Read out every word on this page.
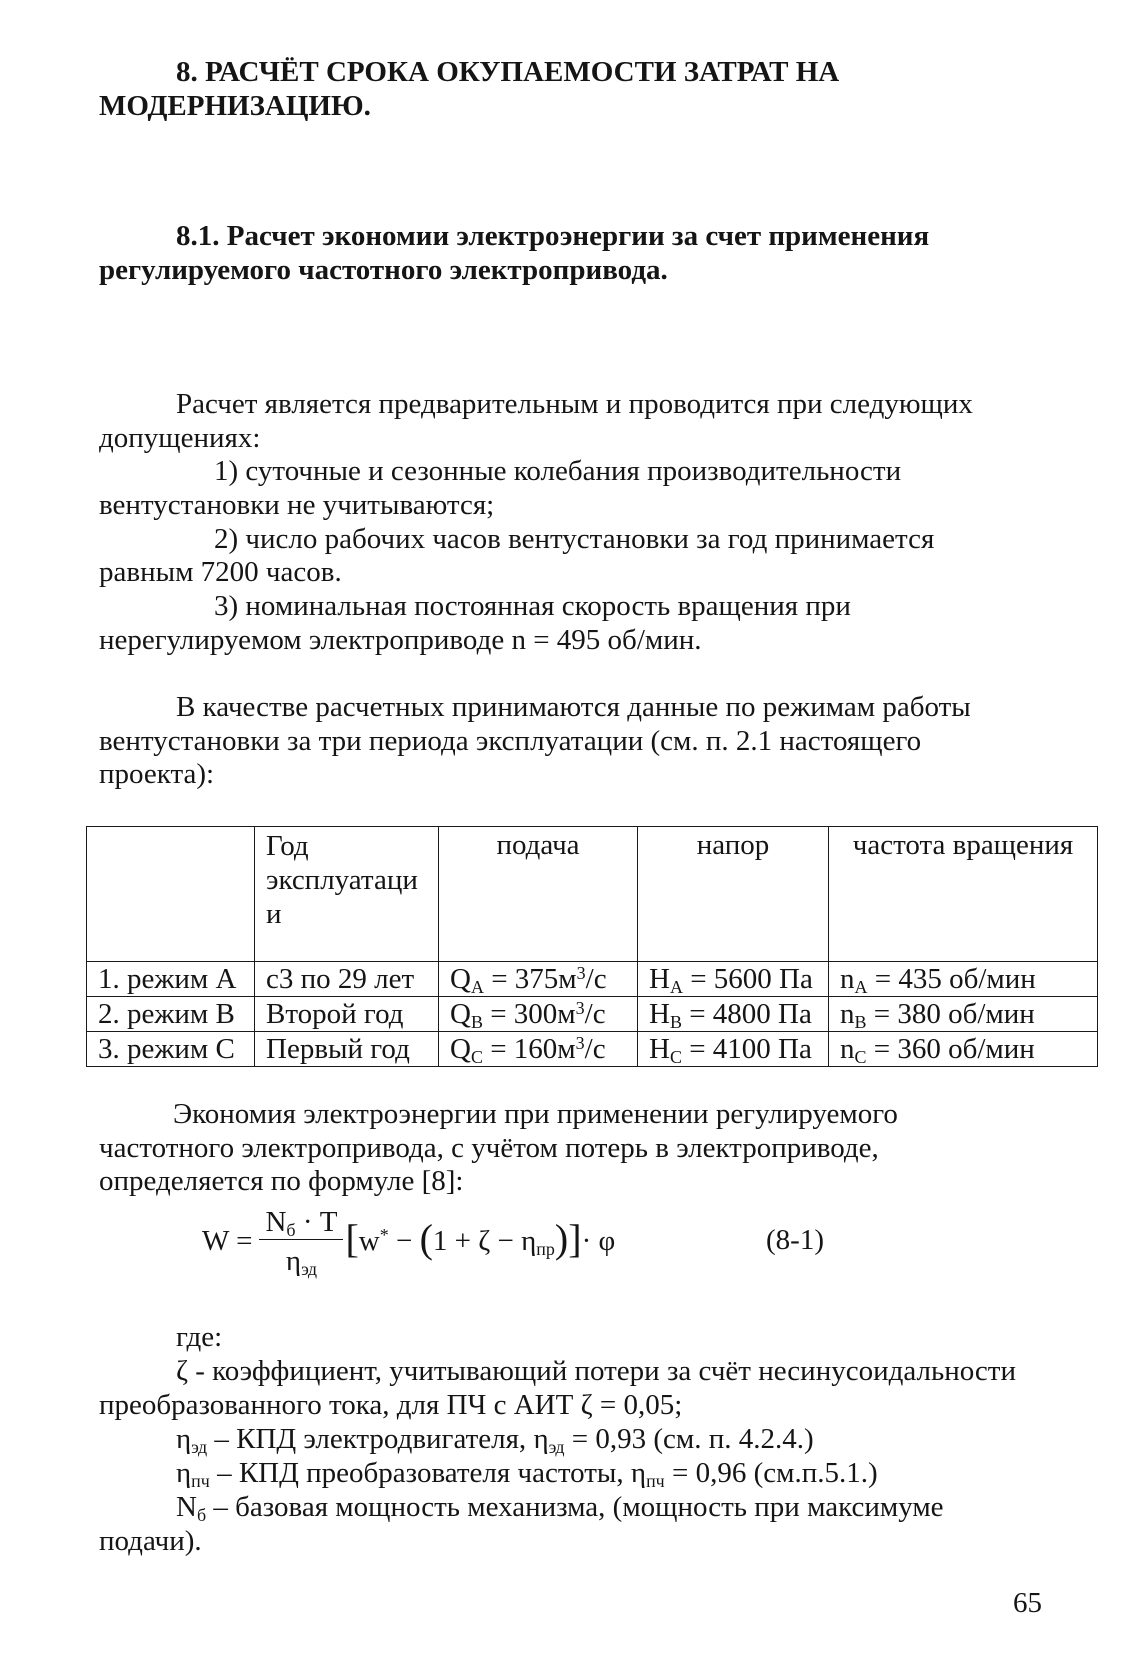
8. РАСЧЁТ СРОКА ОКУПАЕМОСТИ ЗАТРАТ НА
МОДЕРНИЗАЦИЮ.
8.1. Расчет экономии электроэнергии за счет применения
регулируемого частотного электропривода.
Расчет является предварительным и проводится при следующих
допущениях:
1) суточные и сезонные колебания производительности
вентустановки не учитываются;
2) число рабочих часов вентустановки за год принимается
равным 7200 часов.
3) номинальная постоянная скорость вращения при
нерегулируемом электроприводе n = 495 об/мин.
В качестве расчетных принимаются данные по режимам работы
вентустановки за три периода эксплуатации (см. п. 2.1 настоящего
проекта):

	Год
эксплуатаци
и	подача	напор	частота вращения
1. режим А	с3 по 29 лет	$Q_A = 375м^3/с$	$H_A = 5600$ Па	$n_A = 435$ об/мин
2. режим В	Второй год	$Q_B = 300м^3/с$	$H_B = 4800$ Па	$n_B = 380$ об/мин
3. режим С	Первый год	$Q_C = 160м^3/с$	$H_C = 4100$ Па	$n_C = 360$ об/мин
Экономия электроэнергии при применении регулируемого
частотного электропривода, с учётом потерь в электроприводе,
определяется по формуле [8]:
$W = \frac{N_б \cdot T}{\eta_{эд}} [w^* - (1 + \zeta - \eta_{пр})]\cdot \varphi$	(8-1)
где:
ζ - коэффициент, учитывающий потери за счёт несинусоидальности
преобразованного тока, для ПЧ с АИТ ζ = 0,05;
$\eta_{эд}$ – КПД электродвигателя, $\eta_{эд} = 0,93$ (см. п. 4.2.4.)
$\eta_{пч}$ – КПД преобразователя частоты, $\eta_{пч} = 0,96$ (см.п.5.1.)
$N_б$ – базовая мощность механизма, (мощность при максимуме
подачи).
65
